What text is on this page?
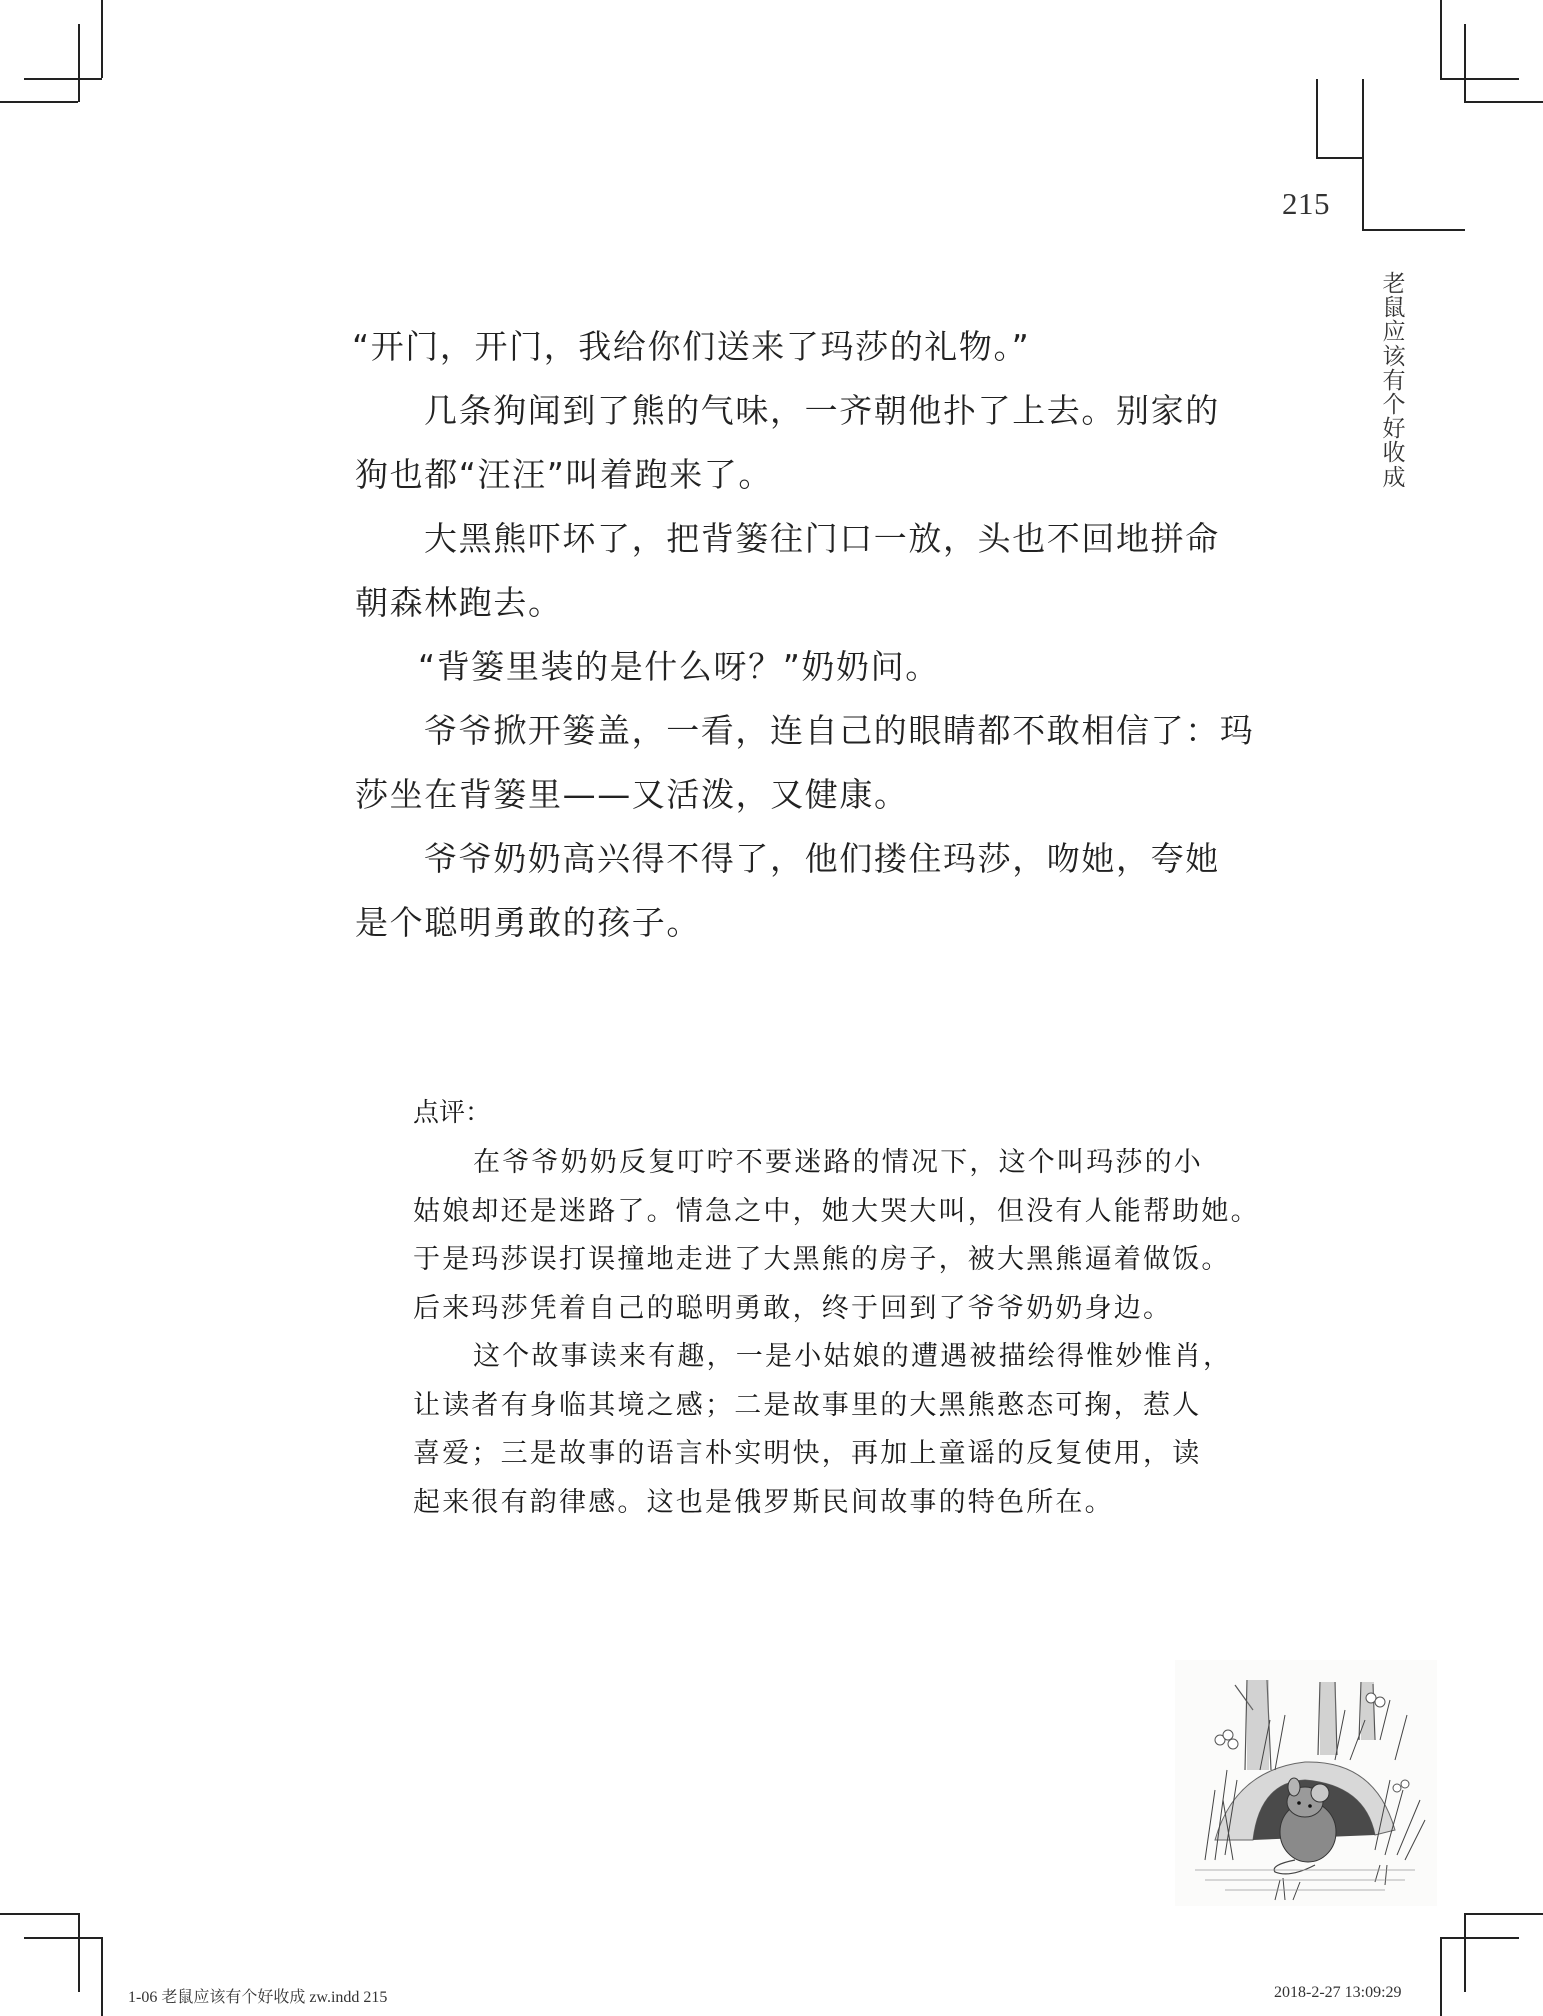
215
老鼠应该有个好收成
“开门，开门，我给你们送来了玛莎的礼物。”
几条狗闻到了熊的气味，一齐朝他扑了上去。别家的
狗也都“汪汪”叫着跑来了。
大黑熊吓坏了，把背篓往门口一放，头也不回地拼命
朝森林跑去。
“背篓里装的是什么呀？”奶奶问。
爷爷掀开篓盖，一看，连自己的眼睛都不敢相信了：玛
莎坐在背篓里——又活泼，又健康。
爷爷奶奶高兴得不得了，他们搂住玛莎，吻她，夸她
是个聪明勇敢的孩子。
点评：
在爷爷奶奶反复叮咛不要迷路的情况下，这个叫玛莎的小
姑娘却还是迷路了。情急之中，她大哭大叫，但没有人能帮助她。
于是玛莎误打误撞地走进了大黑熊的房子，被大黑熊逼着做饭。
后来玛莎凭着自己的聪明勇敢，终于回到了爷爷奶奶身边。
这个故事读来有趣，一是小姑娘的遭遇被描绘得惟妙惟肖，
让读者有身临其境之感；二是故事里的大黑熊憨态可掬，惹人
喜爱；三是故事的语言朴实明快，再加上童谣的反复使用，读
起来很有韵律感。这也是俄罗斯民间故事的特色所在。
1-06 老鼠应该有个好收成 zw.indd 215	2018-2-27 13:09:29
